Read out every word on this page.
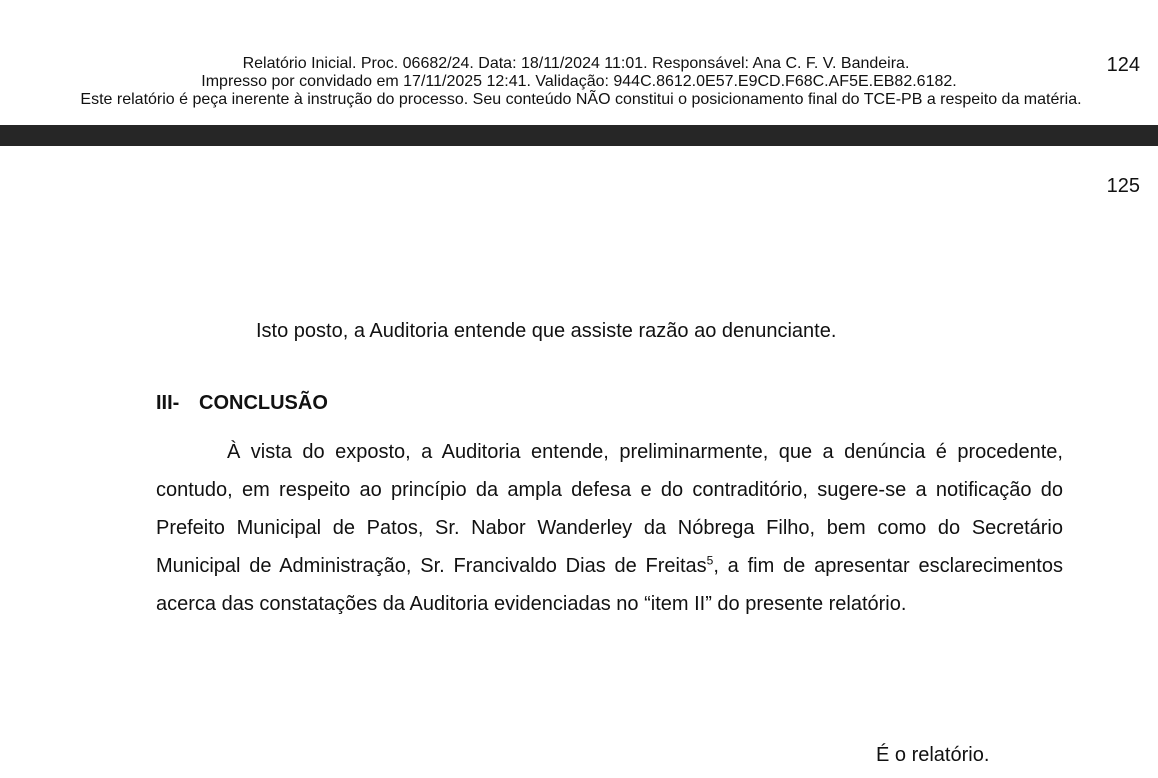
Relatório Inicial. Proc. 06682/24. Data: 18/11/2024 11:01. Responsável: Ana C. F. V. Bandeira.
Impresso por convidado em 17/11/2025 12:41. Validação: 944C.8612.0E57.E9CD.F68C.AF5E.EB82.6182.
Este relatório é peça inerente à instrução do processo. Seu conteúdo NÃO constitui o posicionamento final do TCE-PB a respeito da matéria.
124
125
Isto posto, a Auditoria entende que assiste razão ao denunciante.
III- CONCLUSÃO
À vista do exposto, a Auditoria entende, preliminarmente, que a denúncia é procedente, contudo, em respeito ao princípio da ampla defesa e do contraditório, sugere-se a notificação do Prefeito Municipal de Patos, Sr. Nabor Wanderley da Nóbrega Filho, bem como do Secretário Municipal de Administração, Sr. Francivaldo Dias de Freitas$^5$, a fim de apresentar esclarecimentos acerca das constatações da Auditoria evidenciadas no “item II” do presente relatório.
É o relatório.
